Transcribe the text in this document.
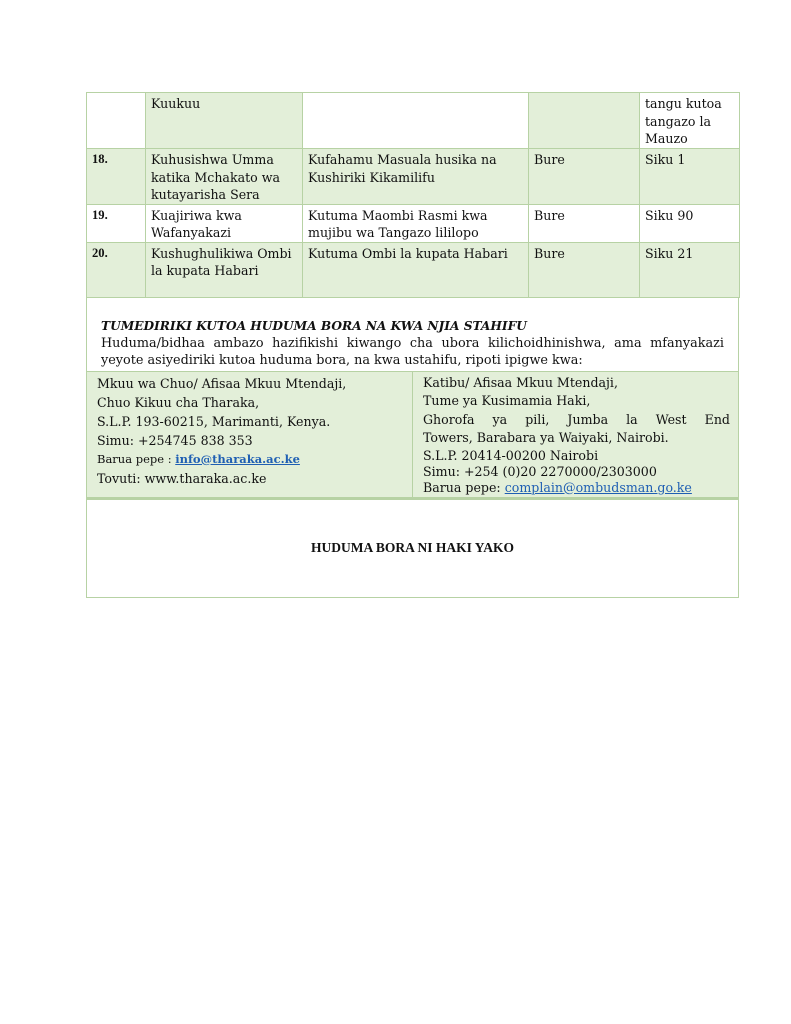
	Kuukuu			tangu kutoa tangazo la Mauzo
18.	Kuhusishwa Umma katika Mchakato wa kutayarisha Sera	Kufahamu Masuala husika na Kushiriki Kikamilifu	Bure	Siku 1
19.	Kuajiriwa kwa Wafanyakazi	Kutuma Maombi Rasmi kwa mujibu wa Tangazo lililopo	Bure	Siku 90
20.	Kushughulikiwa Ombi la kupata Habari	Kutuma Ombi la kupata Habari	Bure	Siku 21
TUMEDIRIKI KUTOA HUDUMA BORA NA KWA NJIA STAHIFU
Huduma/bidhaa ambazo hazifikishi kiwango cha ubora kilichoidhinishwa, ama mfanyakazi yeyote asiyediriki kutoa huduma bora, na kwa ustahifu, ripoti ipigwe kwa:
Mkuu wa Chuo/ Afisaa Mkuu Mtendaji,
Chuo Kikuu cha Tharaka,
S.L.P. 193-60215, Marimanti, Kenya.
Simu: +254745 838 353
Barua pepe : info@tharaka.ac.ke
Tovuti: www.tharaka.ac.ke
Katibu/ Afisaa Mkuu Mtendaji,
Tume ya Kusimamia Haki,
Ghorofa ya pili, Jumba la West End
Towers, Barabara ya Waiyaki, Nairobi.
S.L.P. 20414-00200 Nairobi
Simu: +254 (0)20 2270000/2303000
Barua pepe: complain@ombudsman.go.ke
HUDUMA BORA NI HAKI YAKO
